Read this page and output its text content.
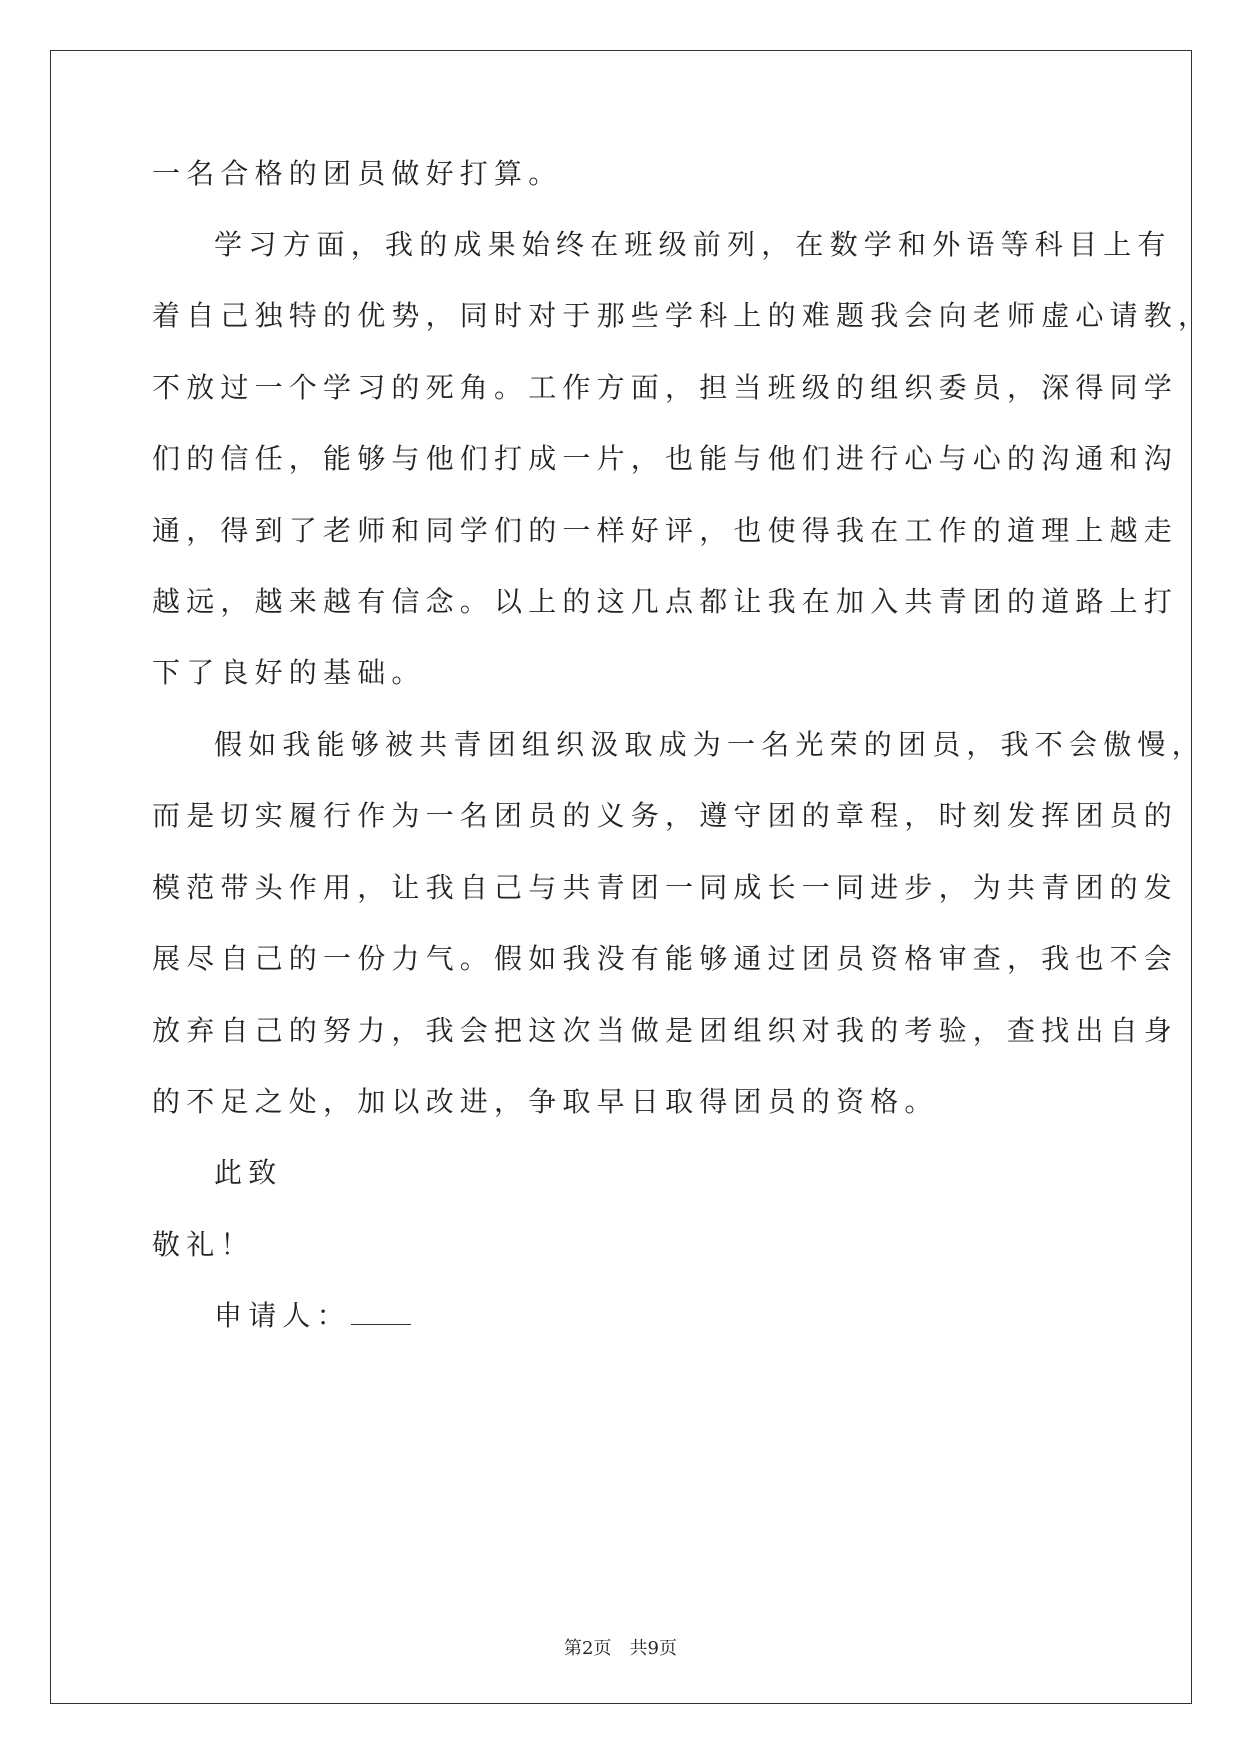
一名合格的团员做好打算。
学习方面，我的成果始终在班级前列，在数学和外语等科目上有
着自己独特的优势，同时对于那些学科上的难题我会向老师虚心请教，
不放过一个学习的死角。工作方面，担当班级的组织委员，深得同学
们的信任，能够与他们打成一片，也能与他们进行心与心的沟通和沟
通，得到了老师和同学们的一样好评，也使得我在工作的道理上越走
越远，越来越有信念。以上的这几点都让我在加入共青团的道路上打
下了良好的基础。
假如我能够被共青团组织汲取成为一名光荣的团员，我不会傲慢，
而是切实履行作为一名团员的义务，遵守团的章程，时刻发挥团员的
模范带头作用，让我自己与共青团一同成长一同进步，为共青团的发
展尽自己的一份力气。假如我没有能够通过团员资格审查，我也不会
放弃自己的努力，我会把这次当做是团组织对我的考验，查找出自身
的不足之处，加以改进，争取早日取得团员的资格。
此致
敬礼！
申请人：
第2页 共9页
